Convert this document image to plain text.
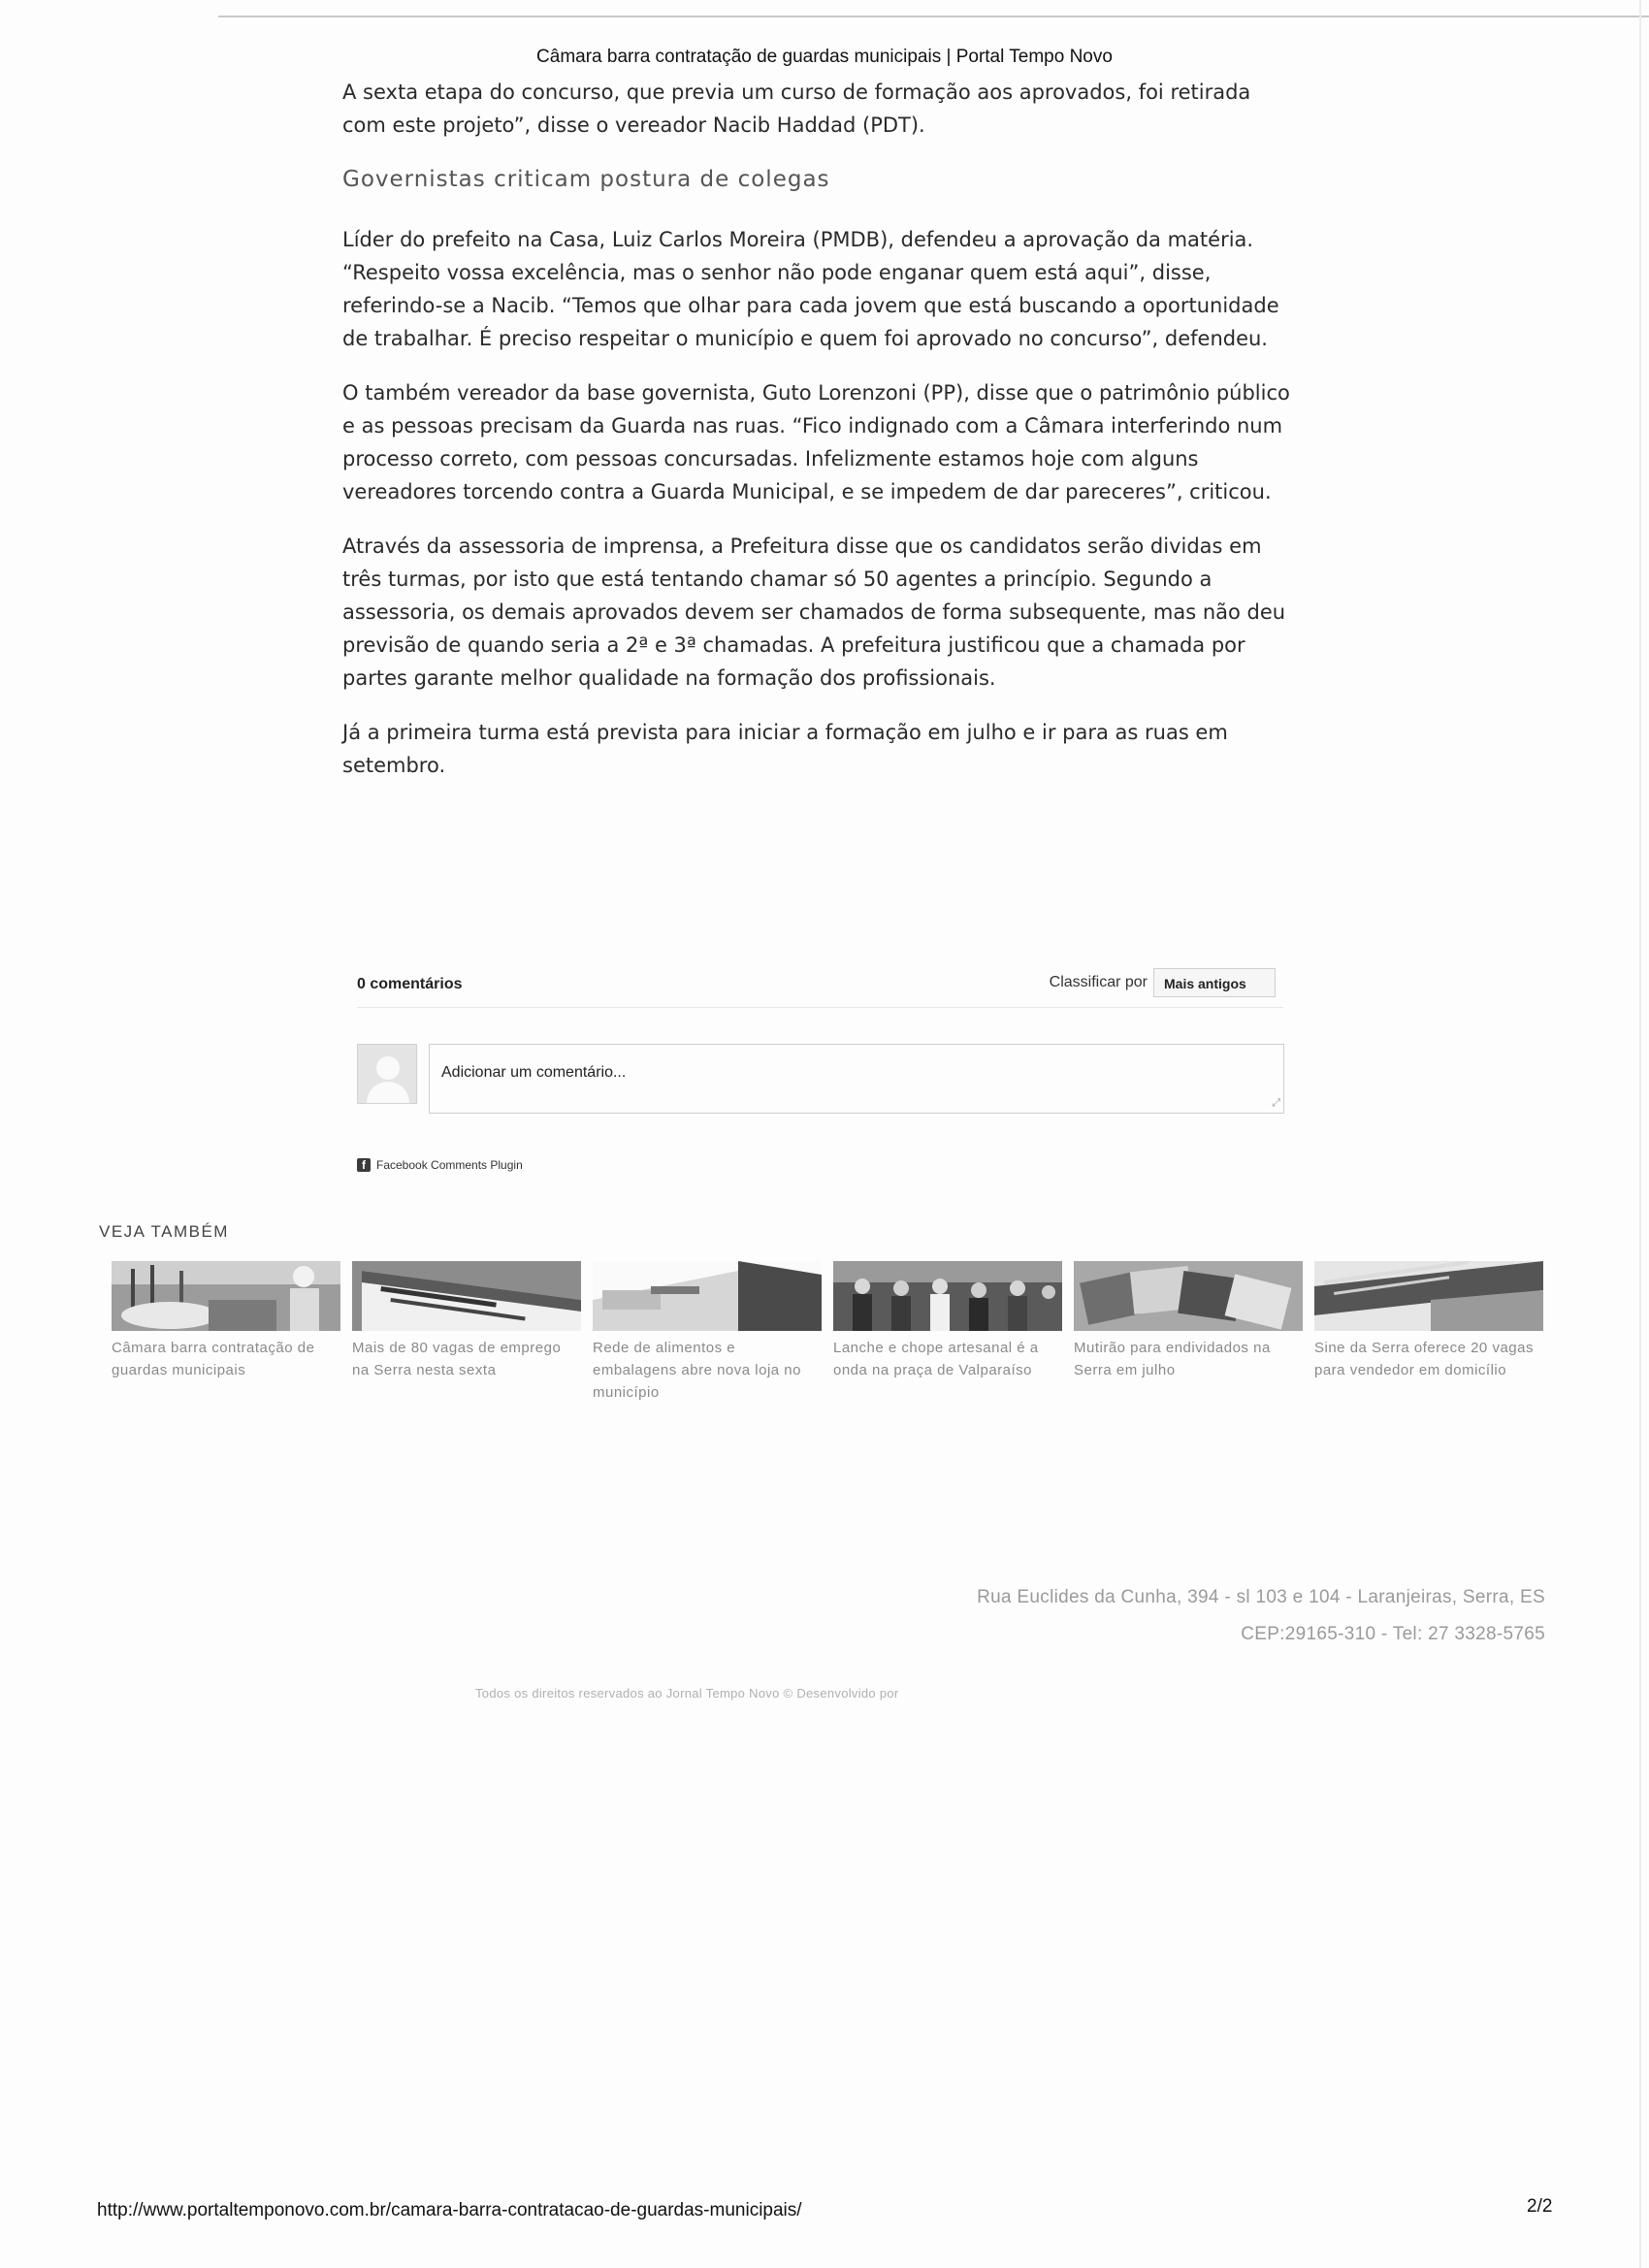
Câmara barra contratação de guardas municipais | Portal Tempo Novo

A sexta etapa do concurso, que previa um curso de formação aos aprovados, foi retirada com este projeto”, disse o vereador Nacib Haddad (PDT).

Governistas criticam postura de colegas

Líder do prefeito na Casa, Luiz Carlos Moreira (PMDB), defendeu a aprovação da matéria. “Respeito vossa excelência, mas o senhor não pode enganar quem está aqui”, disse, referindo-se a Nacib. “Temos que olhar para cada jovem que está buscando a oportunidade de trabalhar. É preciso respeitar o município e quem foi aprovado no concurso”, defendeu.

O também vereador da base governista, Guto Lorenzoni (PP), disse que o patrimônio público e as pessoas precisam da Guarda nas ruas. “Fico indignado com a Câmara interferindo num processo correto, com pessoas concursadas. Infelizmente estamos hoje com alguns vereadores torcendo contra a Guarda Municipal, e se impedem de dar pareceres”, criticou.

Através da assessoria de imprensa, a Prefeitura disse que os candidatos serão dividas em três turmas, por isto que está tentando chamar só 50 agentes a princípio. Segundo a assessoria, os demais aprovados devem ser chamados de forma subsequente, mas não deu previsão de quando seria a 2ª e 3ª chamadas. A prefeitura justificou que a chamada por partes garante melhor qualidade na formação dos profissionais.

Já a primeira turma está prevista para iniciar a formação em julho e ir para as ruas em setembro.

0 comentários	Classificar por	Mais antigos
Adicionar um comentário...
⤢
f Facebook Comments Plugin
VEJA TAMBÉM
Câmara barra contratação de guardas municipais
Mais de 80 vagas de emprego na Serra nesta sexta
Rede de alimentos e embalagens abre nova loja no município
Lanche e chope artesanal é a onda na praça de Valparaíso
Mutirão para endividados na Serra em julho
Sine da Serra oferece 20 vagas para vendedor em domicílio
Rua Euclides da Cunha, 394 - sl 103 e 104 - Laranjeiras, Serra, ES
CEP:29165-310 - Tel: 27 3328-5765
Todos os direitos reservados ao Jornal Tempo Novo © Desenvolvido por
http://www.portaltemponovo.com.br/camara-barra-contratacao-de-guardas-municipais/	2/2
